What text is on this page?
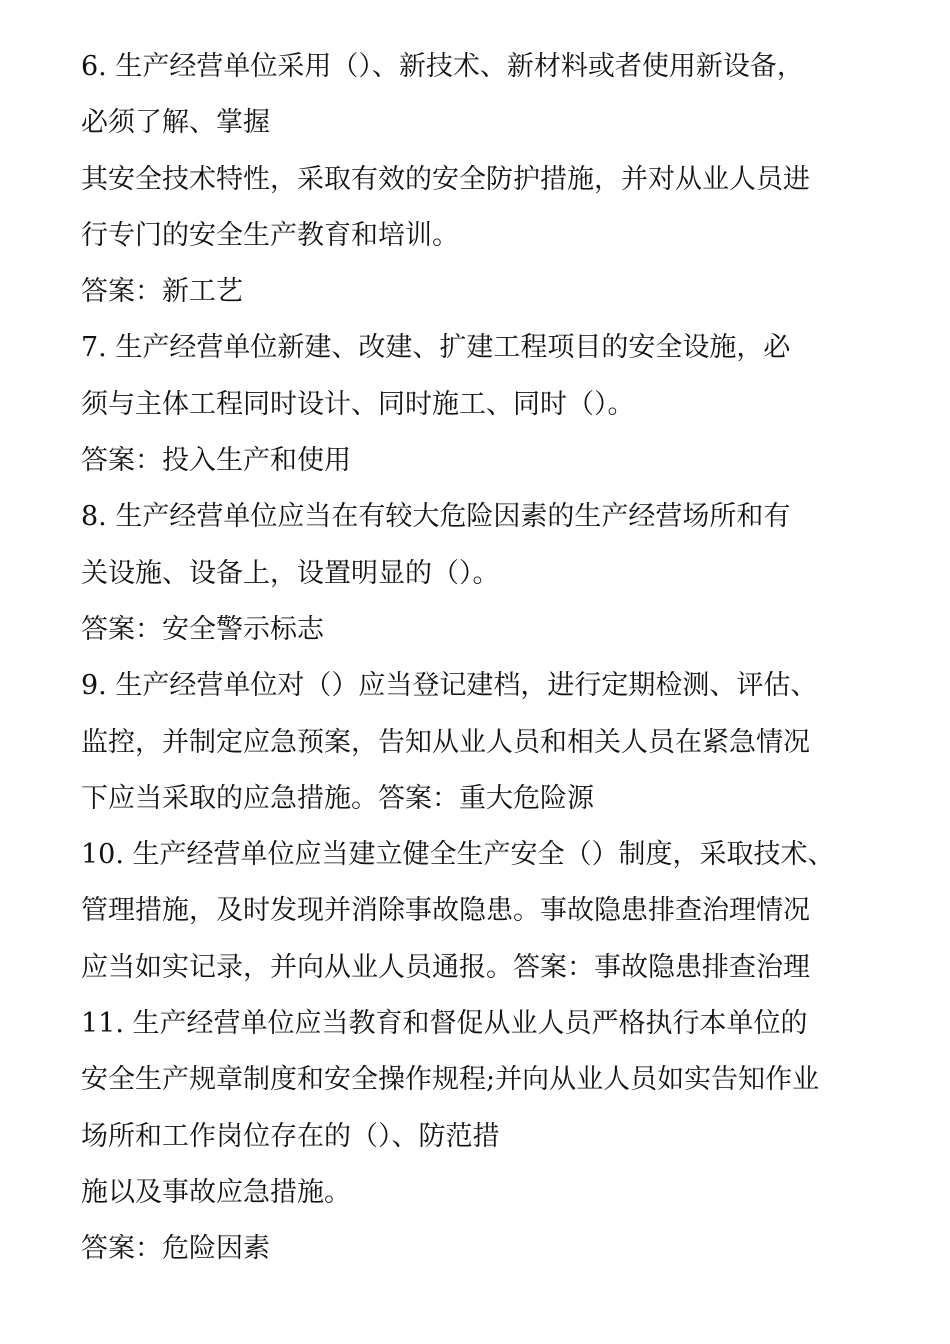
6. 生产经营单位采用（）、新技术、新材料或者使用新设备，
必须了解、掌握
其安全技术特性，采取有效的安全防护措施，并对从业人员进
行专门的安全生产教育和培训。
答案：新工艺
7. 生产经营单位新建、改建、扩建工程项目的安全设施，必
须与主体工程同时设计、同时施工、同时（）。
答案：投入生产和使用
8. 生产经营单位应当在有较大危险因素的生产经营场所和有
关设施、设备上，设置明显的（）。
答案：安全警示标志
9. 生产经营单位对（）应当登记建档，进行定期检测、评估、
监控，并制定应急预案，告知从业人员和相关人员在紧急情况
下应当采取的应急措施。答案：重大危险源
10. 生产经营单位应当建立健全生产安全（）制度，采取技术、
管理措施，及时发现并消除事故隐患。事故隐患排查治理情况
应当如实记录，并向从业人员通报。答案：事故隐患排查治理
11. 生产经营单位应当教育和督促从业人员严格执行本单位的
安全生产规章制度和安全操作规程;并向从业人员如实告知作业
场所和工作岗位存在的（）、防范措
施以及事故应急措施。
答案：危险因素
